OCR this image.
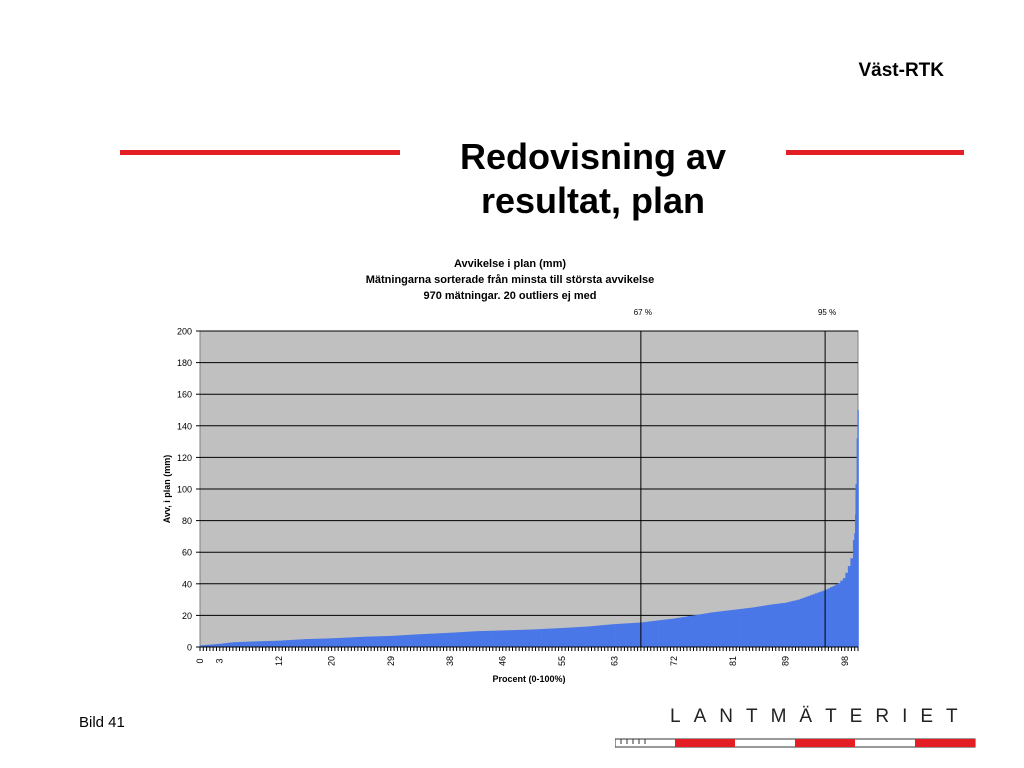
Väst-RTK
Redovisning av
resultat, plan
Avvikelse i plan (mm)
Mätningarna sorterade från minsta till största avvikelse
970 mätningar. 20 outliers ej med
0
20
40
60
80
100
120
140
160
180
200
67 %	95 %
0 3	12	20	29	38	46	55	63	72	81	89	98
Procent (0-100%)
Avv, i plan (mm)
Bild 41	LANTMÄTERIET
